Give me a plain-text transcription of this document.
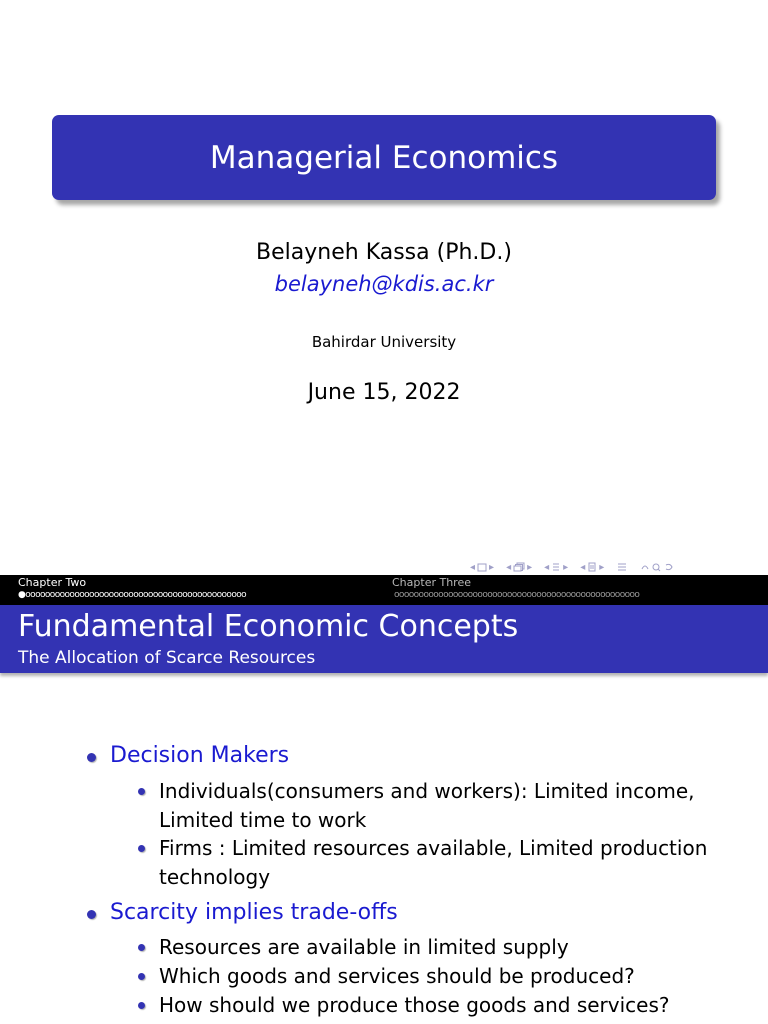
Managerial Economics
Belayneh Kassa (Ph.D.)
belayneh@kdis.ac.kr
Bahirdar University
June 15, 2022
◂ ▸ ◂ ▸ ◂ ▸ ◂ ▸
Chapter Two	Chapter Three
●ooooooooooooooooooooooooooooooooooooooooooooo	oooooooooooooooooooooooooooooooooooooooooooooooooo
Fundamental Economic Concepts
The Allocation of Scarce Resources
Decision Makers
Individuals(consumers and workers): Limited income, Limited time to work
Firms : Limited resources available, Limited production technology
Scarcity implies trade-offs
Resources are available in limited supply
Which goods and services should be produced?
How should we produce those goods and services?
